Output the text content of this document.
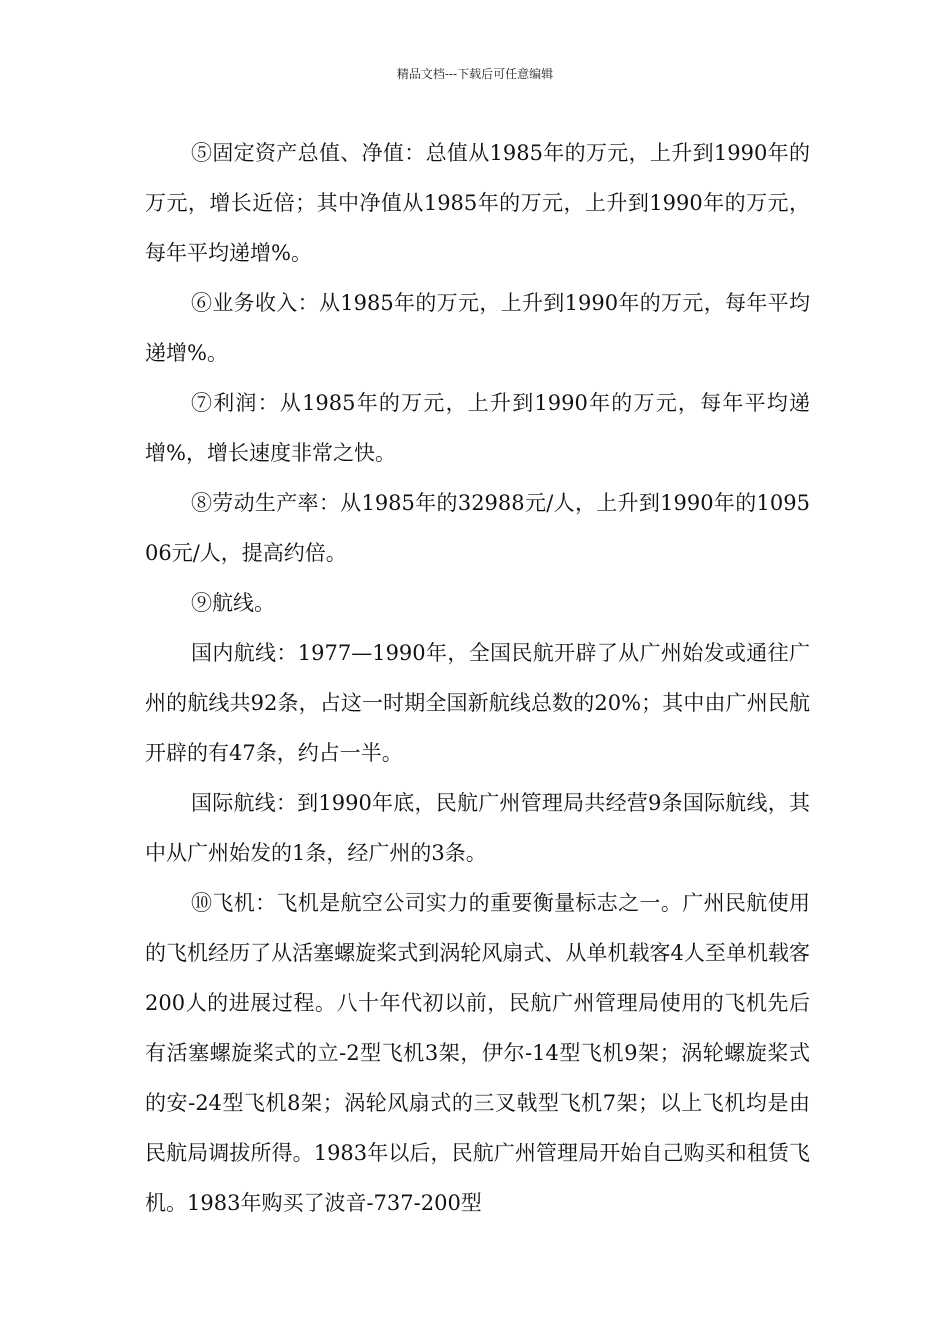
精品文档---下载后可任意编辑

⑤固定资产总值、净值：总值从1985年的万元，上升到1990年的万元，增长近倍；其中净值从1985年的万元，上升到1990年的万元，每年平均递增%。

⑥业务收入：从1985年的万元，上升到1990年的万元，每年平均递增%。

⑦利润：从1985年的万元，上升到1990年的万元，每年平均递增%，增长速度非常之快。

⑧劳动生产率：从1985年的32988元/人，上升到1990年的109506元/人，提高约倍。

⑨航线。

国内航线：1977—1990年，全国民航开辟了从广州始发或通往广州的航线共92条，占这一时期全国新航线总数的20%；其中由广州民航开辟的有47条，约占一半。

国际航线：到1990年底，民航广州管理局共经营9条国际航线，其中从广州始发的1条，经广州的3条。

⑩飞机：飞机是航空公司实力的重要衡量标志之一。广州民航使用的飞机经历了从活塞螺旋桨式到涡轮风扇式、从单机载客4人至单机载客200人的进展过程。八十年代初以前，民航广州管理局使用的飞机先后有活塞螺旋桨式的立-2型飞机3架，伊尔-14型飞机9架；涡轮螺旋桨式的安-24型飞机8架；涡轮风扇式的三叉戟型飞机7架；以上飞机均是由民航局调拔所得。1983年以后，民航广州管理局开始自己购买和租赁飞机。1983年购买了波音-737-200型
